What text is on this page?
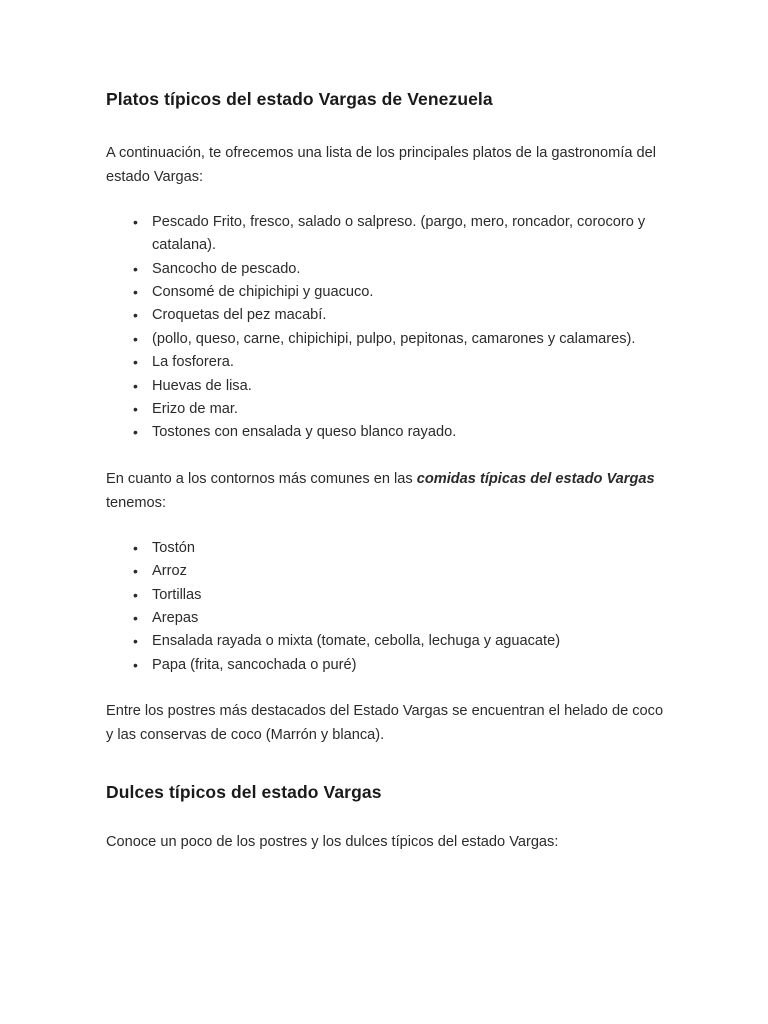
Platos típicos del estado Vargas de Venezuela

A continuación, te ofrecemos una lista de los principales platos de la gastronomía del estado Vargas:

• Pescado Frito, fresco, salado o salpreso. (pargo, mero, roncador, corocoro y catalana).
• Sancocho de pescado.
• Consomé de chipichipi y guacuco.
• Croquetas del pez macabí.
• (pollo, queso, carne, chipichipi, pulpo, pepitonas, camarones y calamares).
• La fosforera.
• Huevas de lisa.
• Erizo de mar.
• Tostones con ensalada y queso blanco rayado.

En cuanto a los contornos más comunes en las comidas típicas del estado Vargas tenemos:

• Tostón
• Arroz
• Tortillas
• Arepas
• Ensalada rayada o mixta (tomate, cebolla, lechuga y aguacate)
• Papa (frita, sancochada o puré)

Entre los postres más destacados del Estado Vargas se encuentran el helado de coco y las conservas de coco (Marrón y blanca).

Dulces típicos del estado Vargas

Conoce un poco de los postres y los dulces típicos del estado Vargas:
